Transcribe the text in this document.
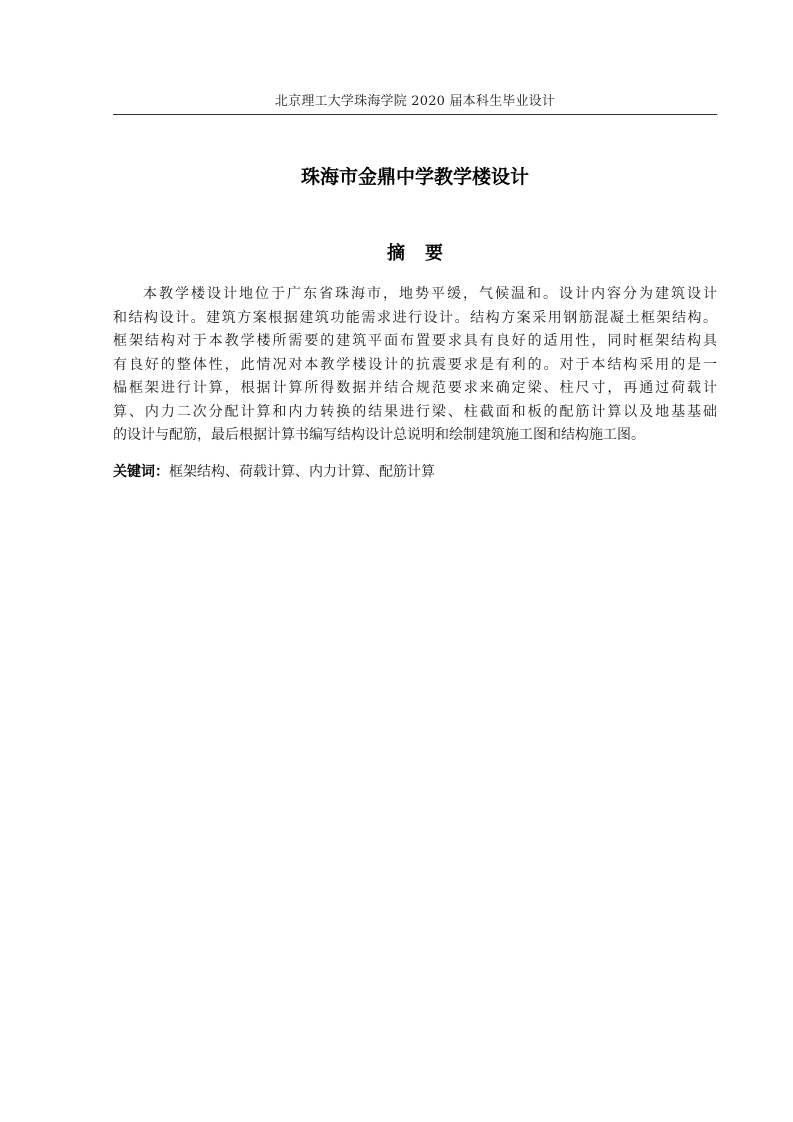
北京理工大学珠海学院 2020 届本科生毕业设计
珠海市金鼎中学教学楼设计
摘要
本教学楼设计地位于广东省珠海市，地势平缓，气候温和。设计内容分为建筑设计
和结构设计。建筑方案根据建筑功能需求进行设计。结构方案采用钢筋混凝土框架结构。
框架结构对于本教学楼所需要的建筑平面布置要求具有良好的适用性，同时框架结构具
有良好的整体性，此情况对本教学楼设计的抗震要求是有利的。对于本结构采用的是一
榀框架进行计算，根据计算所得数据并结合规范要求来确定梁、柱尺寸，再通过荷载计
算、内力二次分配计算和内力转换的结果进行梁、柱截面和板的配筋计算以及地基基础
的设计与配筋，最后根据计算书编写结构设计总说明和绘制建筑施工图和结构施工图。
关键词：框架结构、荷载计算、内力计算、配筋计算
